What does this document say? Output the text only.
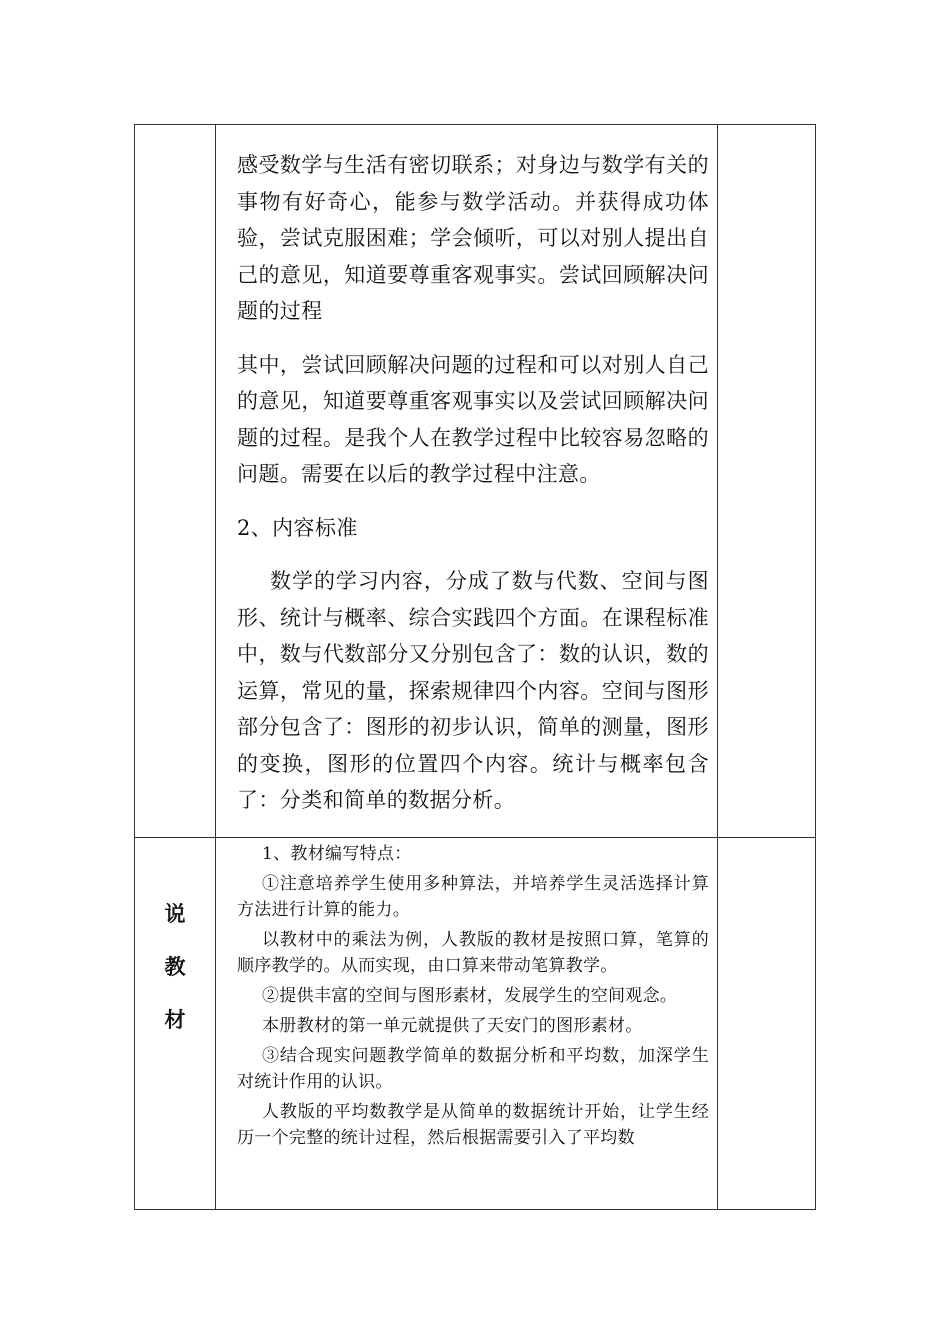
感受数学与生活有密切联系；对身边与数学有关的事物有好奇心，能参与数学活动。并获得成功体验，尝试克服困难；学会倾听，可以对别人提出自己的意见，知道要尊重客观事实。尝试回顾解决问题的过程

其中，尝试回顾解决问题的过程和可以对别人自己的意见，知道要尊重客观事实以及尝试回顾解决问题的过程。是我个人在教学过程中比较容易忽略的问题。需要在以后的教学过程中注意。

2、内容标准

数学的学习内容，分成了数与代数、空间与图形、统计与概率、综合实践四个方面。在课程标准中，数与代数部分又分别包含了：数的认识，数的运算，常见的量，探索规律四个内容。空间与图形部分包含了：图形的初步认识，简单的测量，图形的变换，图形的位置四个内容。统计与概率包含了：分类和简单的数据分析。

说
教
材

1、教材编写特点：

①注意培养学生使用多种算法，并培养学生灵活选择计算方法进行计算的能力。

以教材中的乘法为例，人教版的教材是按照口算，笔算的顺序教学的。从而实现，由口算来带动笔算教学。

②提供丰富的空间与图形素材，发展学生的空间观念。

本册教材的第一单元就提供了天安门的图形素材。

③结合现实问题教学简单的数据分析和平均数，加深学生对统计作用的认识。

人教版的平均数教学是从简单的数据统计开始，让学生经历一个完整的统计过程，然后根据需要引入了平均数
